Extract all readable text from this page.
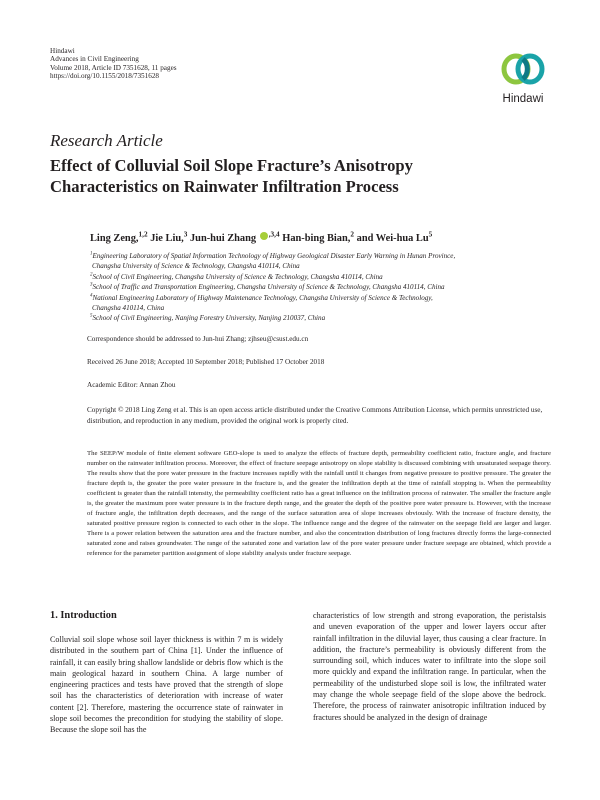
Hindawi
Advances in Civil Engineering
Volume 2018, Article ID 7351628, 11 pages
https://doi.org/10.1155/2018/7351628
Hindawi
Research Article
Effect of Colluvial Soil Slope Fracture’s Anisotropy
Characteristics on Rainwater Infiltration Process
Ling Zeng,$^{1,2}$ Jie Liu,$^3$ Jun-hui Zhang $^{,3,4}$ Han-bing Bian,$^2$ and Wei-hua Lu$^5$
$^1$Engineering Laboratory of Spatial Information Technology of Highway Geological Disaster Early Warning in Hunan Province,
Changsha University of Science & Technology, Changsha 410114, China
$^2$School of Civil Engineering, Changsha University of Science & Technology, Changsha 410114, China
$^3$School of Traffic and Transportation Engineering, Changsha University of Science & Technology, Changsha 410114, China
$^4$National Engineering Laboratory of Highway Maintenance Technology, Changsha University of Science & Technology,
Changsha 410114, China
$^5$School of Civil Engineering, Nanjing Forestry University, Nanjing 210037, China
Correspondence should be addressed to Jun-hui Zhang; zjhseu@csust.edu.cn
Received 26 June 2018; Accepted 10 September 2018; Published 17 October 2018
Academic Editor: Annan Zhou
Copyright © 2018 Ling Zeng et al. This is an open access article distributed under the Creative Commons Attribution License, which permits unrestricted use, distribution, and reproduction in any medium, provided the original work is properly cited.
The SEEP/W module of finite element software GEO-slope is used to analyze the effects of fracture depth, permeability coefficient ratio, fracture angle, and fracture number on the rainwater infiltration process. Moreover, the effect of fracture seepage anisotropy on slope stability is discussed combining with unsaturated seepage theory. The results show that the pore water pressure in the fracture increases rapidly with the rainfall until it changes from negative pressure to positive pressure. The greater the fracture depth is, the greater the pore water pressure in the fracture is, and the greater the infiltration depth at the time of rainfall stopping is. When the permeability coefficient is greater than the rainfall intensity, the permeability coefficient ratio has a great influence on the infiltration process of rainwater. The smaller the fracture angle is, the greater the maximum pore water pressure is in the fracture depth range, and the greater the depth of the positive pore water pressure is. However, with the increase of fracture angle, the infiltration depth decreases, and the range of the surface saturation area of slope increases obviously. With the increase of fracture density, the saturated positive pressure region is connected to each other in the slope. The influence range and the degree of the rainwater on the seepage field are larger and larger. There is a power relation between the saturation area and the fracture number, and also the concentration distribution of long fractures directly forms the large-connected saturated zone and raises groundwater. The range of the saturated zone and variation law of the pore water pressure under fracture seepage are obtained, which provide a reference for the parameter partition assignment of slope stability analysis under fracture seepage.
1. Introduction
Colluvial soil slope whose soil layer thickness is within 7 m is widely distributed in the southern part of China [1]. Under the influence of rainfall, it can easily bring shallow landslide or debris flow which is the main geological hazard in southern China. A large number of engineering practices and tests have proved that the strength of slope soil has the characteristics of deterioration with increase of water content [2]. Therefore, mastering the occurrence state of rainwater in slope soil becomes the precondition for studying the stability of slope. Because the slope soil has the
characteristics of low strength and strong evaporation, the peristalsis and uneven evaporation of the upper and lower layers occur after rainfall infiltration in the diluvial layer, thus causing a clear fracture. In addition, the fracture’s permeability is obviously different from the surrounding soil, which induces water to infiltrate into the slope soil more quickly and expand the infiltration range. In particular, when the permeability of the undisturbed slope soil is low, the infiltrated water may change the whole seepage field of the slope above the bedrock. Therefore, the process of rainwater anisotropic infiltration induced by fractures should be analyzed in the design of drainage
